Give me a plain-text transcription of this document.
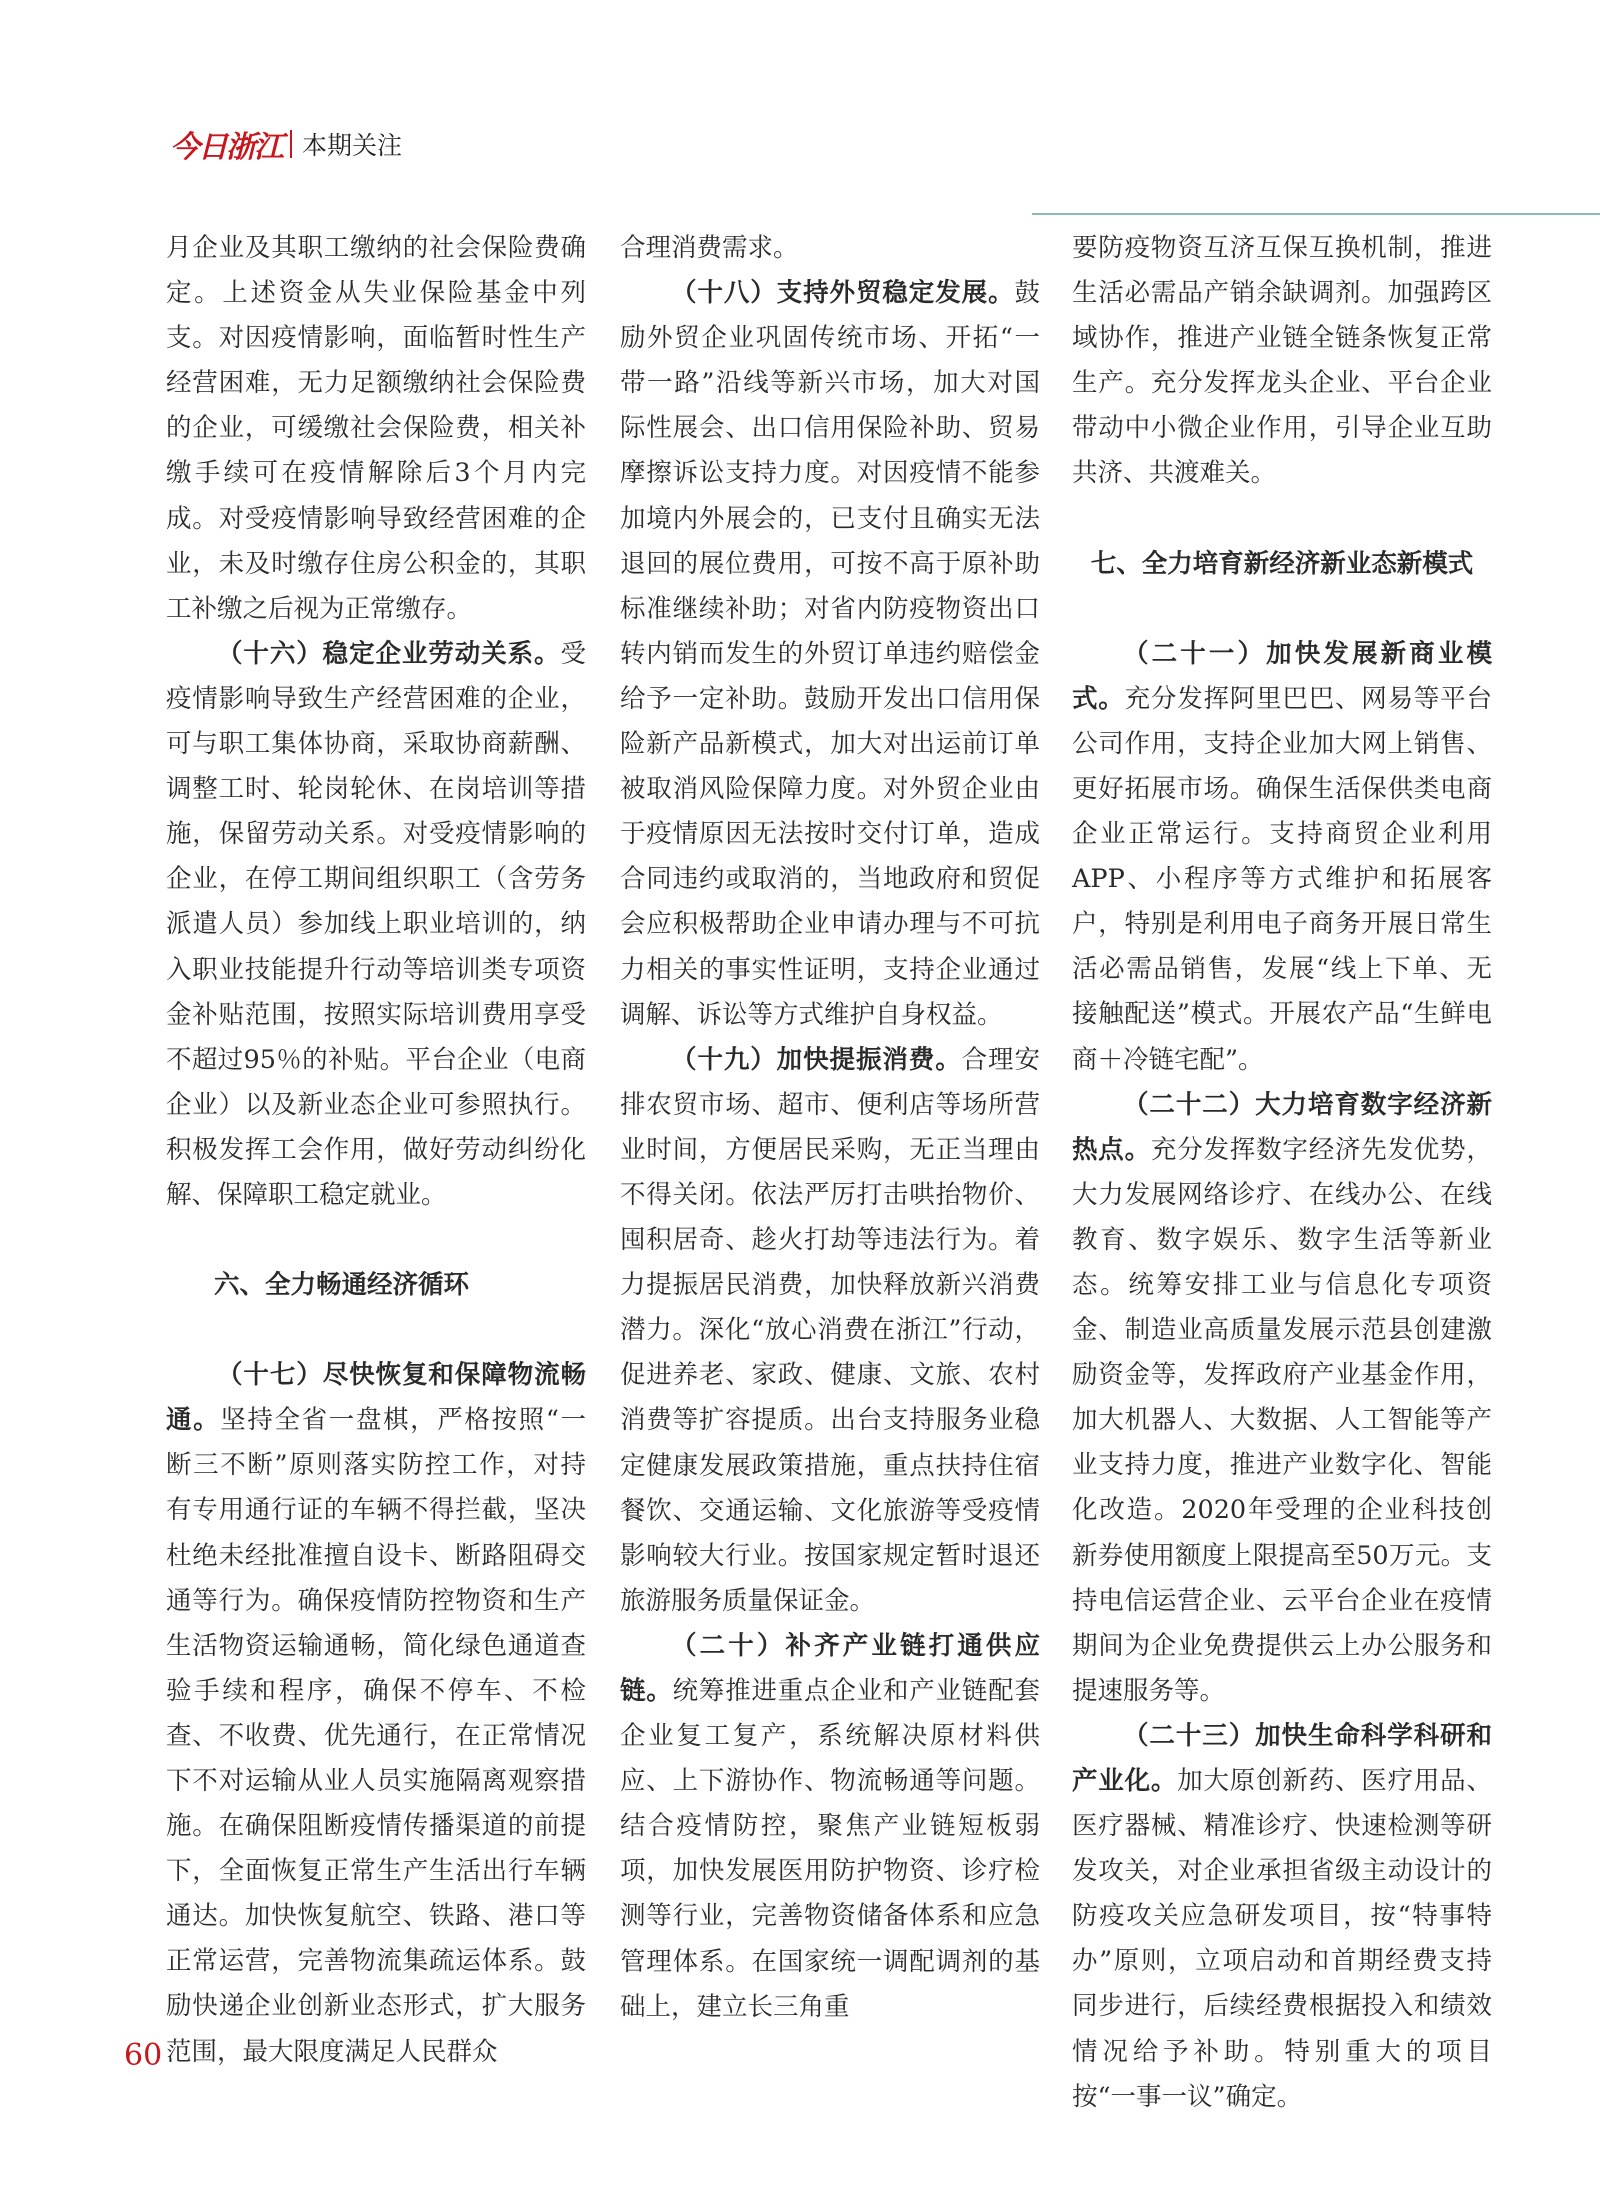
今日浙江 本期关注

月企业及其职工缴纳的社会保险费确定。上述资金从失业保险基金中列支。对因疫情影响，面临暂时性生产经营困难，无力足额缴纳社会保险费的企业，可缓缴社会保险费，相关补缴手续可在疫情解除后3个月内完成。对受疫情影响导致经营困难的企业，未及时缴存住房公积金的，其职工补缴之后视为正常缴存。

（十六）稳定企业劳动关系。受疫情影响导致生产经营困难的企业，可与职工集体协商，采取协商薪酬、调整工时、轮岗轮休、在岗培训等措施，保留劳动关系。对受疫情影响的企业，在停工期间组织职工（含劳务派遣人员）参加线上职业培训的，纳入职业技能提升行动等培训类专项资金补贴范围，按照实际培训费用享受不超过95％的补贴。平台企业（电商企业）以及新业态企业可参照执行。积极发挥工会作用，做好劳动纠纷化解、保障职工稳定就业。

六、全力畅通经济循环

（十七）尽快恢复和保障物流畅通。坚持全省一盘棋，严格按照“一断三不断”原则落实防控工作，对持有专用通行证的车辆不得拦截，坚决杜绝未经批准擅自设卡、断路阻碍交通等行为。确保疫情防控物资和生产生活物资运输通畅，简化绿色通道查验手续和程序，确保不停车、不检查、不收费、优先通行，在正常情况下不对运输从业人员实施隔离观察措施。在确保阻断疫情传播渠道的前提下，全面恢复正常生产生活出行车辆通达。加快恢复航空、铁路、港口等正常运营，完善物流集疏运体系。鼓励快递企业创新业态形式，扩大服务范围，最大限度满足人民群众

合理消费需求。

（十八）支持外贸稳定发展。鼓励外贸企业巩固传统市场、开拓“一带一路”沿线等新兴市场，加大对国际性展会、出口信用保险补助、贸易摩擦诉讼支持力度。对因疫情不能参加境内外展会的，已支付且确实无法退回的展位费用，可按不高于原补助标准继续补助；对省内防疫物资出口转内销而发生的外贸订单违约赔偿金给予一定补助。鼓励开发出口信用保险新产品新模式，加大对出运前订单被取消风险保障力度。对外贸企业由于疫情原因无法按时交付订单，造成合同违约或取消的，当地政府和贸促会应积极帮助企业申请办理与不可抗力相关的事实性证明，支持企业通过调解、诉讼等方式维护自身权益。

（十九）加快提振消费。合理安排农贸市场、超市、便利店等场所营业时间，方便居民采购，无正当理由不得关闭。依法严厉打击哄抬物价、囤积居奇、趁火打劫等违法行为。着力提振居民消费，加快释放新兴消费潜力。深化“放心消费在浙江”行动，促进养老、家政、健康、文旅、农村消费等扩容提质。出台支持服务业稳定健康发展政策措施，重点扶持住宿餐饮、交通运输、文化旅游等受疫情影响较大行业。按国家规定暂时退还旅游服务质量保证金。

（二十）补齐产业链打通供应链。统筹推进重点企业和产业链配套企业复工复产，系统解决原材料供应、上下游协作、物流畅通等问题。结合疫情防控，聚焦产业链短板弱项，加快发展医用防护物资、诊疗检测等行业，完善物资储备体系和应急管理体系。在国家统一调配调剂的基础上，建立长三角重

要防疫物资互济互保互换机制，推进生活必需品产销余缺调剂。加强跨区域协作，推进产业链全链条恢复正常生产。充分发挥龙头企业、平台企业带动中小微企业作用，引导企业互助共济、共渡难关。

七、全力培育新经济新业态新模式

（二十一）加快发展新商业模式。充分发挥阿里巴巴、网易等平台公司作用，支持企业加大网上销售、更好拓展市场。确保生活保供类电商企业正常运行。支持商贸企业利用APP、小程序等方式维护和拓展客户，特别是利用电子商务开展日常生活必需品销售，发展“线上下单、无接触配送”模式。开展农产品“生鲜电商＋冷链宅配”。

（二十二）大力培育数字经济新热点。充分发挥数字经济先发优势，大力发展网络诊疗、在线办公、在线教育、数字娱乐、数字生活等新业态。统筹安排工业与信息化专项资金、制造业高质量发展示范县创建激励资金等，发挥政府产业基金作用，加大机器人、大数据、人工智能等产业支持力度，推进产业数字化、智能化改造。2020年受理的企业科技创新券使用额度上限提高至50万元。支持电信运营企业、云平台企业在疫情期间为企业免费提供云上办公服务和提速服务等。

（二十三）加快生命科学科研和产业化。加大原创新药、医疗用品、医疗器械、精准诊疗、快速检测等研发攻关，对企业承担省级主动设计的防疫攻关应急研发项目，按“特事特办”原则，立项启动和首期经费支持同步进行，后续经费根据投入和绩效情况给予补助。特别重大的项目按“一事一议”确定。

60
